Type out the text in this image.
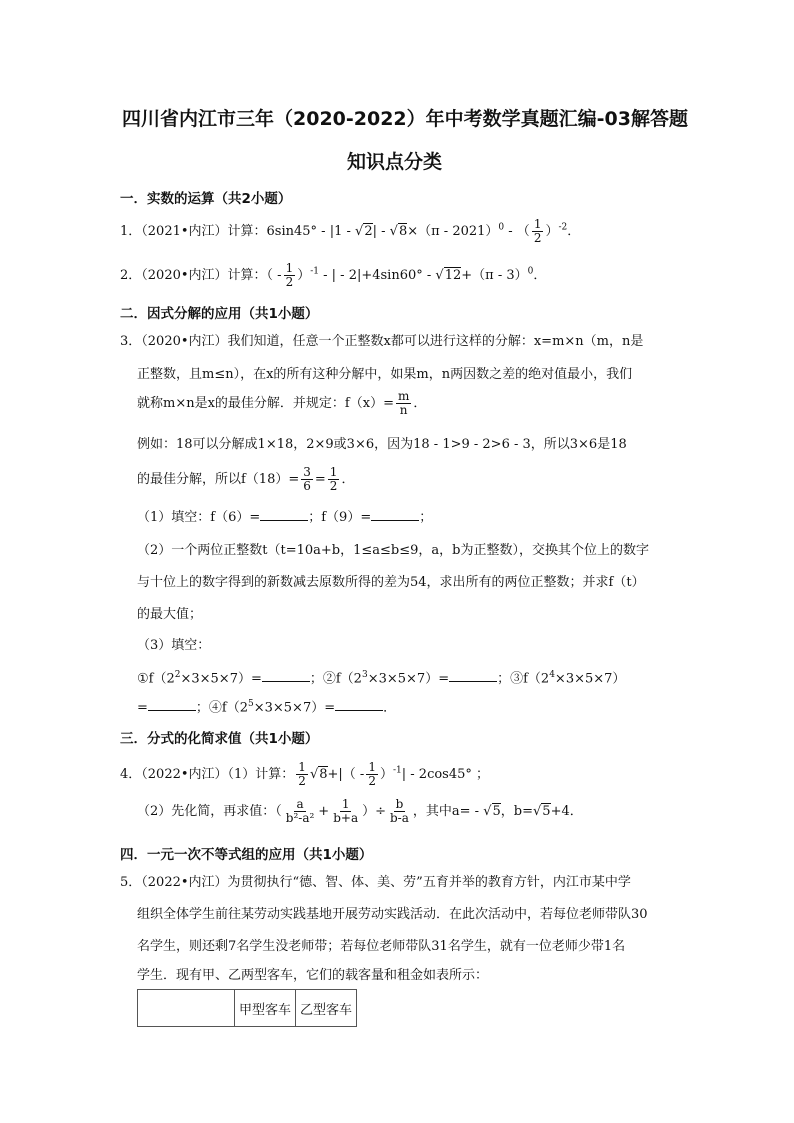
四川省内江市三年（2020-2022）年中考数学真题汇编-03解答题
知识点分类
一．实数的运算（共2小题）
1．（2021•内江）计算：6sin45° - |1 - √2| - √8×（π - 2021）$^0$ - （ $\frac{1}{2} )^{-2}$．
2．（2020•内江）计算：（ - $\frac{1}{2} )^{-1}$ - | - 2|+4sin60° - √12+（π - 3）$^0$．
二．因式分解的应用（共1小题）
3．（2020•内江）我们知道，任意一个正整数x都可以进行这样的分解：x=m×n（m，n是
正整数，且m≤n），在x的所有这种分解中，如果m，n两因数之差的绝对值最小，我们
就称m×n是x的最佳分解．并规定：$f(x)= \frac{m}{n}$ ．
例如：18可以分解成1×18，2×9或3×6，因为18 - 1>9 - 2>6 - 3，所以3×6是18
的最佳分解，所以$f(18)= \frac{3}{6} = \frac{1}{2}$ ．
（1）填空：f（6）=	；f（9）=	；
（2）一个两位正整数t（t=10a+b，1≤a≤b≤9，a，b为正整数），交换其个位上的数字
与十位上的数字得到的新数减去原数所得的差为54，求出所有的两位正整数；并求f（t）
的最大值；
（3）填空：
$①f(2^2\times 3\times 5\times 7)=$	；$②f(2^3\times 3\times 5\times 7)=$	；$③f(2^4\times 3\times 5\times 7)$
=	；$④f(2^5\times 3\times 5\times 7)=$	．
三．分式的化简求值（共1小题）
4．（2022•内江）（1）计算： $\frac{1}{2} √8+|( - \frac{1}{2} )^{-1}| - 2\cos 45^\circ$ ；
（2）先化简，再求值：（ $\frac{a}{\text{b²-a²}} + \frac{1}{b+a}$ ）÷ $\frac{b}{b-a}$ ，其中a= - √5，b=√5+4．
四．一元一次不等式组的应用（共1小题）
5．（2022•内江）为贯彻执行“德、智、体、美、劳”五育并举的教育方针，内江市某中学
组织全体学生前往某劳动实践基地开展劳动实践活动．在此次活动中，若每位老师带队30
名学生，则还剩7名学生没老师带；若每位老师带队31名学生，就有一位老师少带1名
学生．现有甲、乙两型客车，它们的载客量和租金如表所示：
	甲型客车	乙型客车
